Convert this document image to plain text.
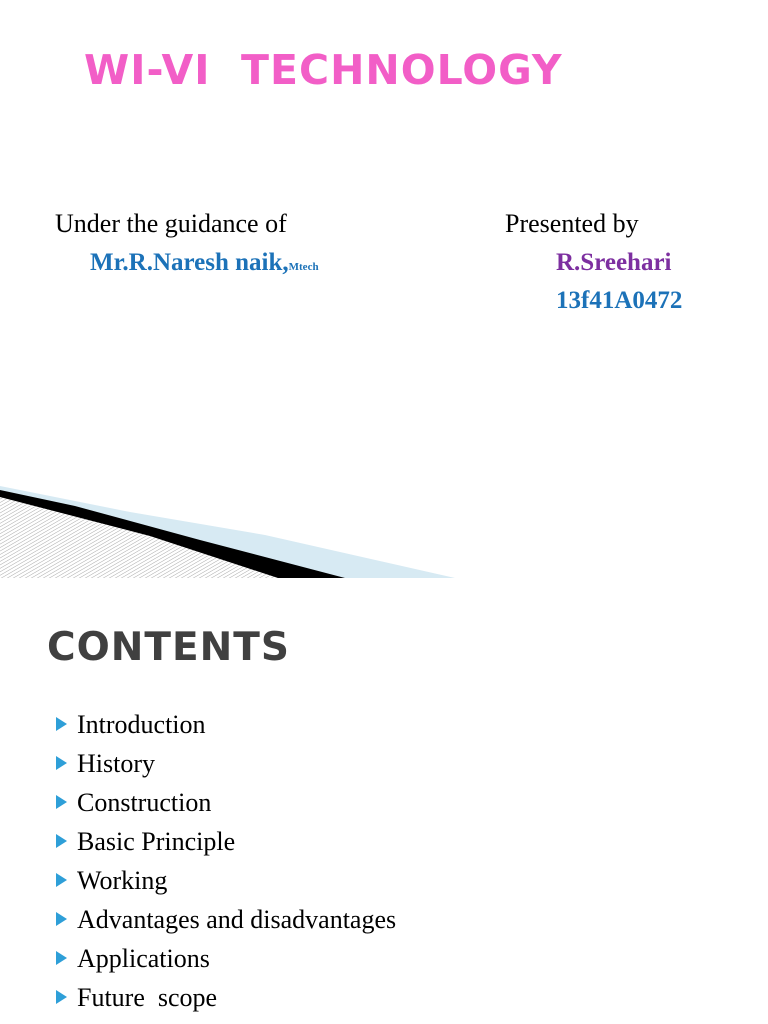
WI-VI  TECHNOLOGY
Under the guidance of	Presented by
Mr.R.Naresh naik,Mtech	R.Sreehari
13f41A0472
CONTENTS
Introduction
History
Construction
Basic Principle
Working
Advantages and disadvantages
Applications
Future  scope
